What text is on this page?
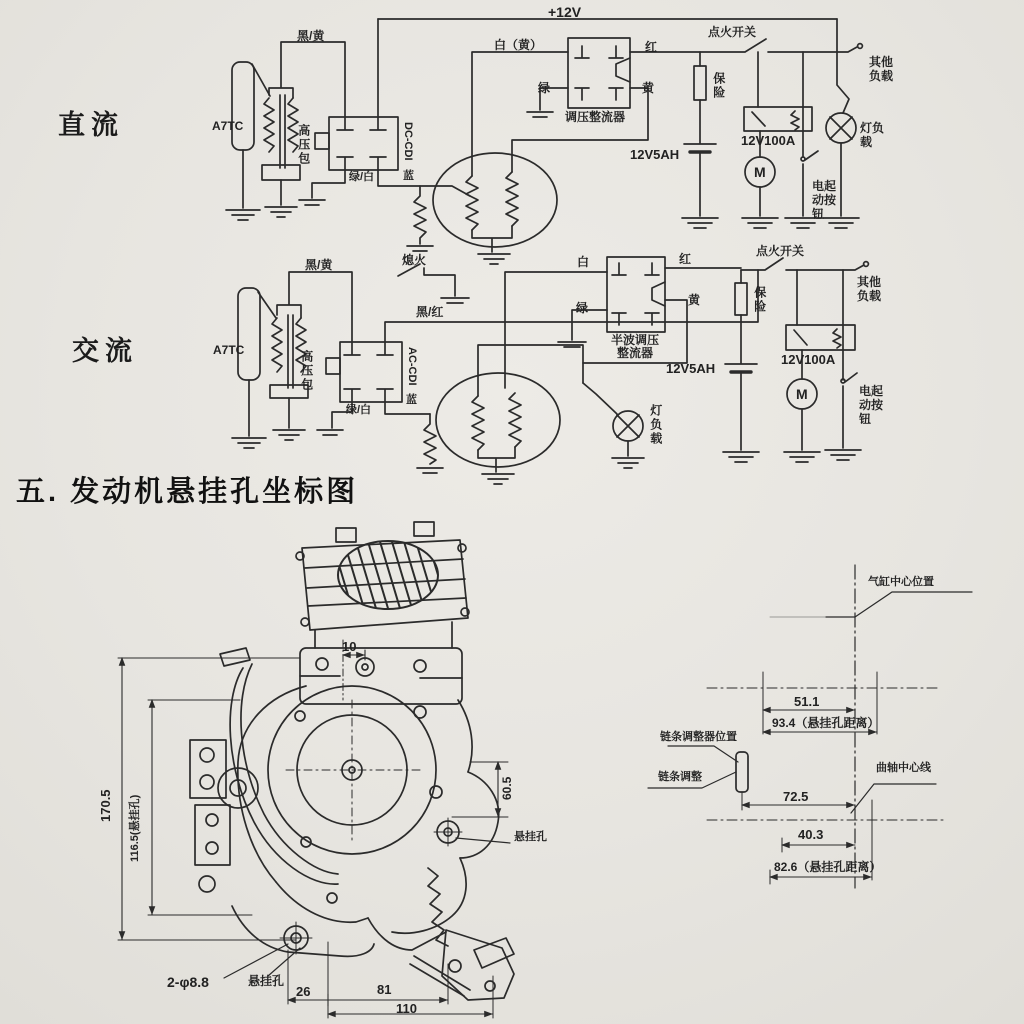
直流
交流
五. 发动机悬挂孔坐标图
+12V
点火开关
其他负载
黑/黄
白（黄）	红
绿	黄
调压整流器
保险
12V5AH
12V100A
M
灯负载
电起动按钮
A7TC	高压包	DC-CDI
绿/白	蓝
熄火
黑/黄
黑/红
白	红
绿
黄
半波调压
整流器
12V5AH
保险
点火开关
其他负载
12V100A
M	电起动按钮
灯负载
A7TC	高压包	AC-CDI
绿/白
蓝
10
60.5
170.5 116.5(悬挂孔)	悬挂孔
2-φ8.8	悬挂孔
26	81
110
气缸中心位置
51.1
93.4（悬挂孔距离）
链条调整器位置
链条调整
72.5
曲轴中心线
40.3
82.6（悬挂孔距离）
